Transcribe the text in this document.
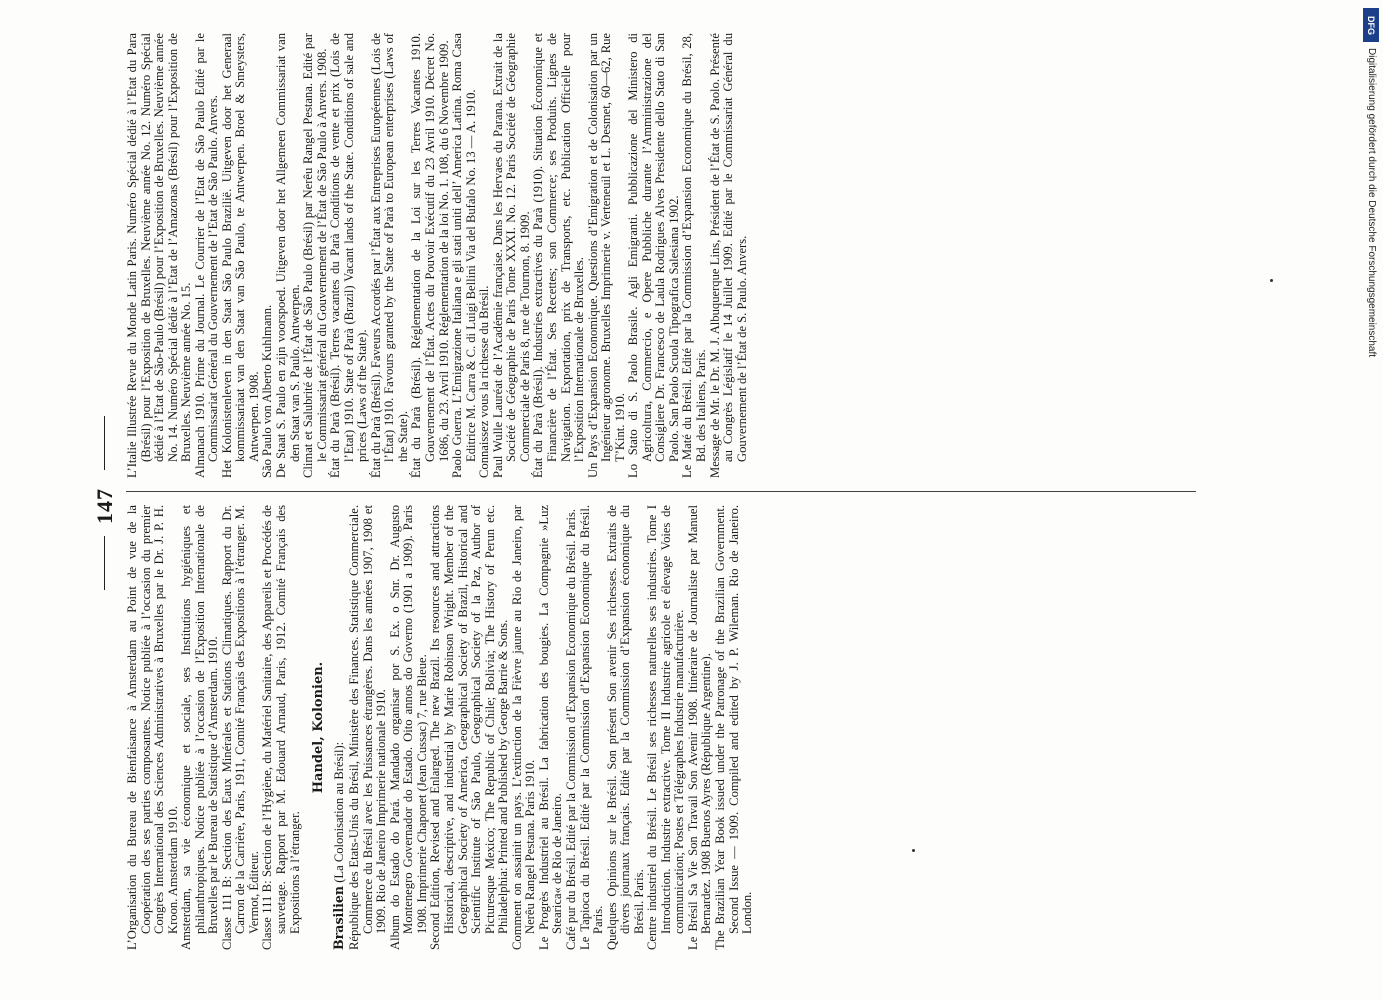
147 L’Organisation du Bureau de Bienfaisance à Amsterdam au Point de vue de la Coopération des ses parties composantes. Notice publiée à l’occasion du premier Congrès International des Sciences Administratives à Bruxelles par le Dr. J. P. H. Kroon. Amsterdam 1910. Amsterdam, sa vie économique et sociale, ses Institutions hygiéniques et philanthropiques. Notice publiée à l’occasion de l’Exposition Internationale de Bruxelles par le Bureau de Statistique d’Amsterdam. 1910. Classe 111 B: Section des Eaux Minérales et Stations Climatiques. Rapport du Dr. Carron de la Carrière, Paris, 1911, Comité Français des Expositions à l’étranger. M. Vermot, Éditeur. Classe 111 B: Section de l’Hygiène, du Matériel Sanitaire, des Appareils et Procédés de sauvetage. Rapport par M. Edouard Arnaud, Paris, 1912. Comité Français des Expositions à l’étranger.

Handel, Kolonien.

Brasilien (La Colonisation au Brésil): République des Etats-Unis du Brésil, Ministère des Finances. Statistique Commerciale. Commerce du Brésil avec les Puissances étrangères. Dans les années 1907, 1908 et 1909. Rio de Janeiro Imprimerie nationale 1910. Album do Estado do Pará. Mandado organisar por S. Ex. o Snr. Dr. Augusto Montenegro Governador do Estado. Oito annos do Governo (1901 a 1909). Paris 1908. Imprimerie Chaponet (Jean Cussac) 7, rue Bleue. Second Edition, Revised and Enlarged. The new Brazil. Its resources and attractions Historical, descriptive, and industrial by Marie Robinson Wright. Member of the Geographical Society of America, Geographical Society of Brazil, Historical and Scientific Institute of São Paulo, Geographical Society of la Paz, Author of Picturesque Mexico; The Republic of Chile; Bolivia; The History of Perun etc. Philadelphia: Printed and Published by George Barrie & Sons. Comment on assainit un pays. L’extinction de la Fièvre jaune au Rio de Janeiro, par Nerêu Rangel Pestana. Paris 1910. Le Progrès Industriel au Brésil. La fabrication des bougies. La Compagnie »Luz Stearica« de Rio de Janeiro. Café pur du Brésil. Edité par la Commission d’Expansion Economique du Brésil. Paris. Le Tapioca du Brésil. Edité par la Commission d’Expansion Economique du Brésil. Paris. Quelques Opinions sur le Brésil. Son présent Son avenir Ses richesses. Extraits de divers journaux français. Edité par la Commission d’Expansion économique du Brésil. Paris. Centre industriel du Brésil. Le Brésil ses richesses naturelles ses industries. Tome I Introduction. Industrie extractive. Tome II Industrie agricole et élevage Voies de communication; Postes et Télégraphes Industrie manufacturière. Le Brésil Sa Vie Son Travail Son Avenir 1908. Itinéraire de Journaliste par Manuel Bernardez. 1908 Buenos Ayres (République Argentine). The Brazilian Year Book issued under the Patronage of the Brazilian Government. Second Issue — 1909. Compiled and edited by J. P. Wileman. Rio de Janeiro. London.

L’Italie Illustrée Revue du Monde Latin Paris. Numéro Spécial dédié à l’Etat du Para (Brésil) pour l’Exposition de Bruxelles. Neuvième année No. 12. Numéro Spécial dédié à l’Etat de São-Paulo (Brésil) pour l’Exposition de Bruxelles. Neuvième année No. 14. Numéro Spécial dédié à l’Etat de l’Amazonas (Brésil) pour l’Exposition de Bruxelles. Neuvième année No. 15. Almanach 1910. Prime du Journal. Le Courrier de l’Etat de São Paulo Edité par le Commissariat Général du Gouvernement de l’Etat de São Paulo. Anvers. Het Kolonistenleven in den Staat São Paulo Braziliё. Uitgeven door het Generaal kommissariaat van den Staat van São Paulo, te Antwerpen. Broel & Smeysters, Antwerpen. 1908. São Paulo von Alberto Kuhlmann. De Staat S. Paulo en zijn voorspoed. Uitgeven door het Allgemeen Commissariat van den Staat van S. Paulo. Antwerpen. Climat et Salubrité de l’État de São Paulo (Brésil) par Nerêu Rangel Pestana. Edité par le Commissariat général du Gouvernement de l’État de São Paulo à Anvers. 1908. État du Parà (Brésil). Terres vacantes du Parà Conditions de vente et prix (Lois de l’Etat) 1910. State of Parà (Brazil) Vacant lands of the State. Conditions of sale and prices (Laws of the State). État du Parà (Brésil). Faveurs Accordés par l’État aux Entreprises Européennes (Lois de l’État) 1910. Favours granted by the State of Parà to European enterprises (Laws of the State). État du Parà (Brésil). Réglementation de la Loi sur les Terres Vacantes 1910. Gouvernement de l’État. Actes du Pouvoir Exécutif du 23 Avril 1910. Décret No. 1686, du 23. Avril 1910. Réglementation de la loi No. 1. 108, du 6 Novembre 1909. Paolo Guerra. L’Emigrazione Italiana e gli stati uniti dell’ America Latina. Roma Casa Editrice M. Carra & C. di Luigi Bellini Via del Bufalo No. 13 — A. 1910. Connaissez vous la richesse du Brésil. Paul Wulle Lauréat de l’Académie française. Dans les Hervaes du Parana. Extrait de la Société de Géographie de Paris Tome XXXI. No. 12. Paris Société de Géographie Commerciale de Paris 8, rue de Tournon, 8. 1909. État du Parà (Brésil). Industries extractives du Parà (1910). Situation Économique et Financière de l’État. Ses Recettes; son Commerce; ses Produits. Lignes de Navigation. Exportation, prix de Transports, etc. Publication Officielle pour l’Exposition Internationale de Bruxelles. Un Pays d’Expansion Economique. Questions d’Emigration et de Colonisation par un Ingénieur agronome. Bruxelles Imprimerie v. Verteneuil et L. Desmet, 60—62, Rue T’Kint. 1910. Lo Stato di S. Paolo Brasile. Agli Emigranti. Pubblicazione del Ministero di Agricoltura, Commercio, e Opere Pubbliche durante l’Amministrazione del Consigliere Dr. Francesco de Laula Rodrigues Alves Presidente dello Stato di San Paolo. San Paolo Scuola Tipografica Salesiana 1902. Le Maté du Brésil. Edité par la Commission d’Expansion Economique du Brésil, 28, Bd. des Italiens, Paris. Message de Mr. le Dr. M. J. Albuquerque Lins, Président de l’État de S. Paolo. Présenté au Congrès Législatif le 14 Juillet 1909. Edité par le Commissariat Général du Gouvernement de l’État de S. Paulo. Anvers.

DFG
Digitalisierung gefördert durch die Deutsche Forschungsgemeinschaft
